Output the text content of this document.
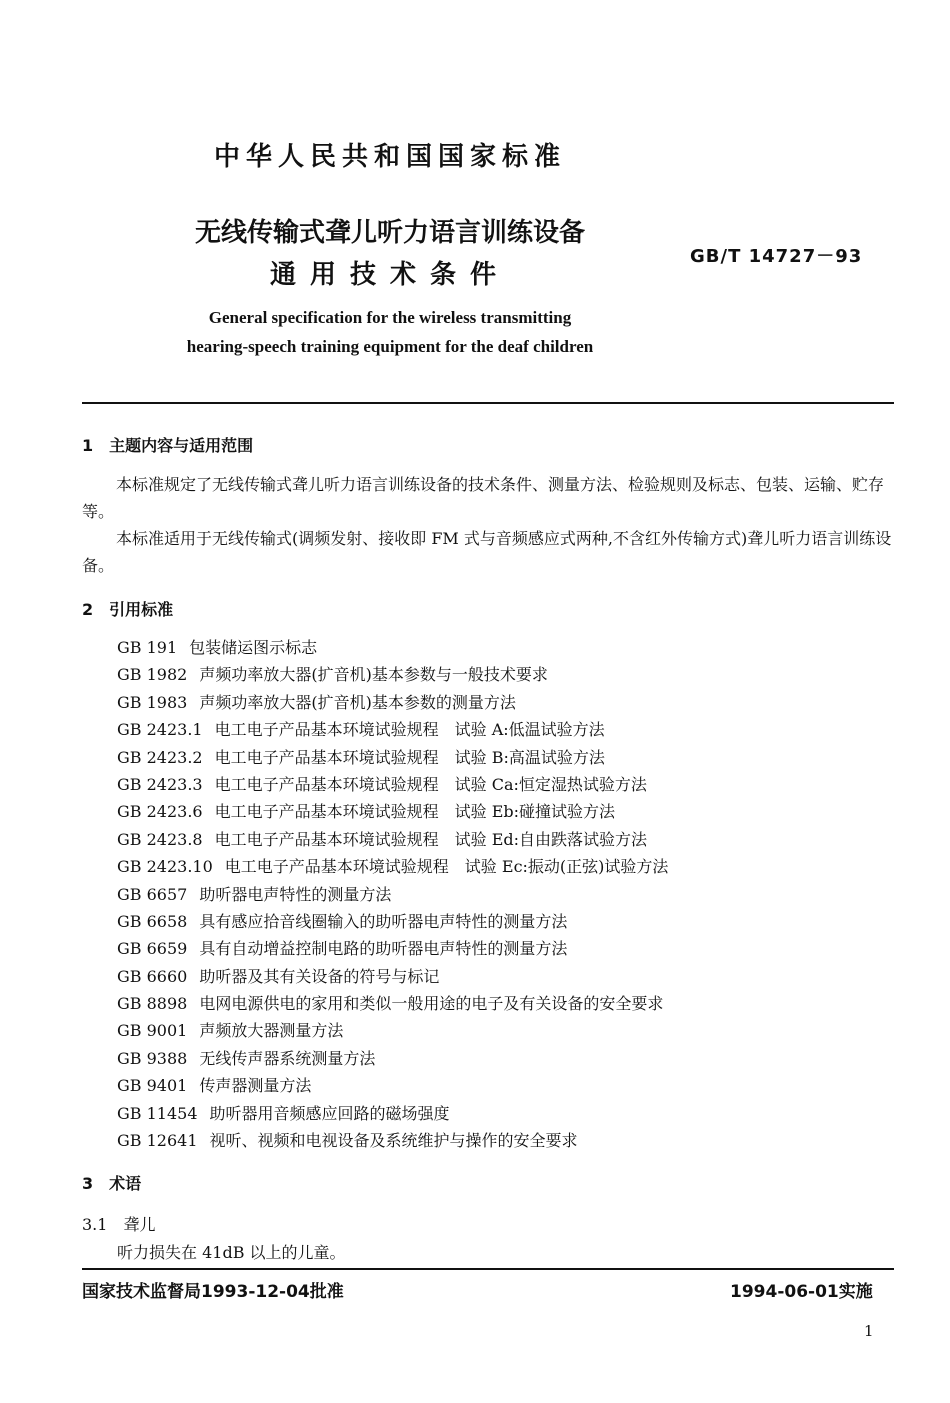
中华人民共和国国家标准
无线传输式聋儿听力语言训练设备
通用技术条件
GB/T 14727－93
General specification for the wireless transmitting
hearing-speech training equipment for the deaf children
1　主题内容与适用范围

本标准规定了无线传输式聋儿听力语言训练设备的技术条件、测量方法、检验规则及标志、包装、运输、贮存等。

本标准适用于无线传输式(调频发射、接收即 FM 式与音频感应式两种,不含红外传输方式)聋儿听力语言训练设备。

2　引用标准
GB 191 包装储运图示标志
GB 1982 声频功率放大器(扩音机)基本参数与一般技术要求
GB 1983 声频功率放大器(扩音机)基本参数的测量方法
GB 2423.1 电工电子产品基本环境试验规程　试验 A:低温试验方法
GB 2423.2 电工电子产品基本环境试验规程　试验 B:高温试验方法
GB 2423.3 电工电子产品基本环境试验规程　试验 Ca:恒定湿热试验方法
GB 2423.6 电工电子产品基本环境试验规程　试验 Eb:碰撞试验方法
GB 2423.8 电工电子产品基本环境试验规程　试验 Ed:自由跌落试验方法
GB 2423.10 电工电子产品基本环境试验规程　试验 Ec:振动(正弦)试验方法
GB 6657 助听器电声特性的测量方法
GB 6658 具有感应拾音线圈输入的助听器电声特性的测量方法
GB 6659 具有自动增益控制电路的助听器电声特性的测量方法
GB 6660 助听器及其有关设备的符号与标记
GB 8898 电网电源供电的家用和类似一般用途的电子及有关设备的安全要求
GB 9001 声频放大器测量方法
GB 9388 无线传声器系统测量方法
GB 9401 传声器测量方法
GB 11454 助听器用音频感应回路的磁场强度
GB 12641 视听、视频和电视设备及系统维护与操作的安全要求
3　术语
3.1　聋儿
听力损失在 41dB 以上的儿童。
国家技术监督局1993-12-04批准	1994-06-01实施
1
